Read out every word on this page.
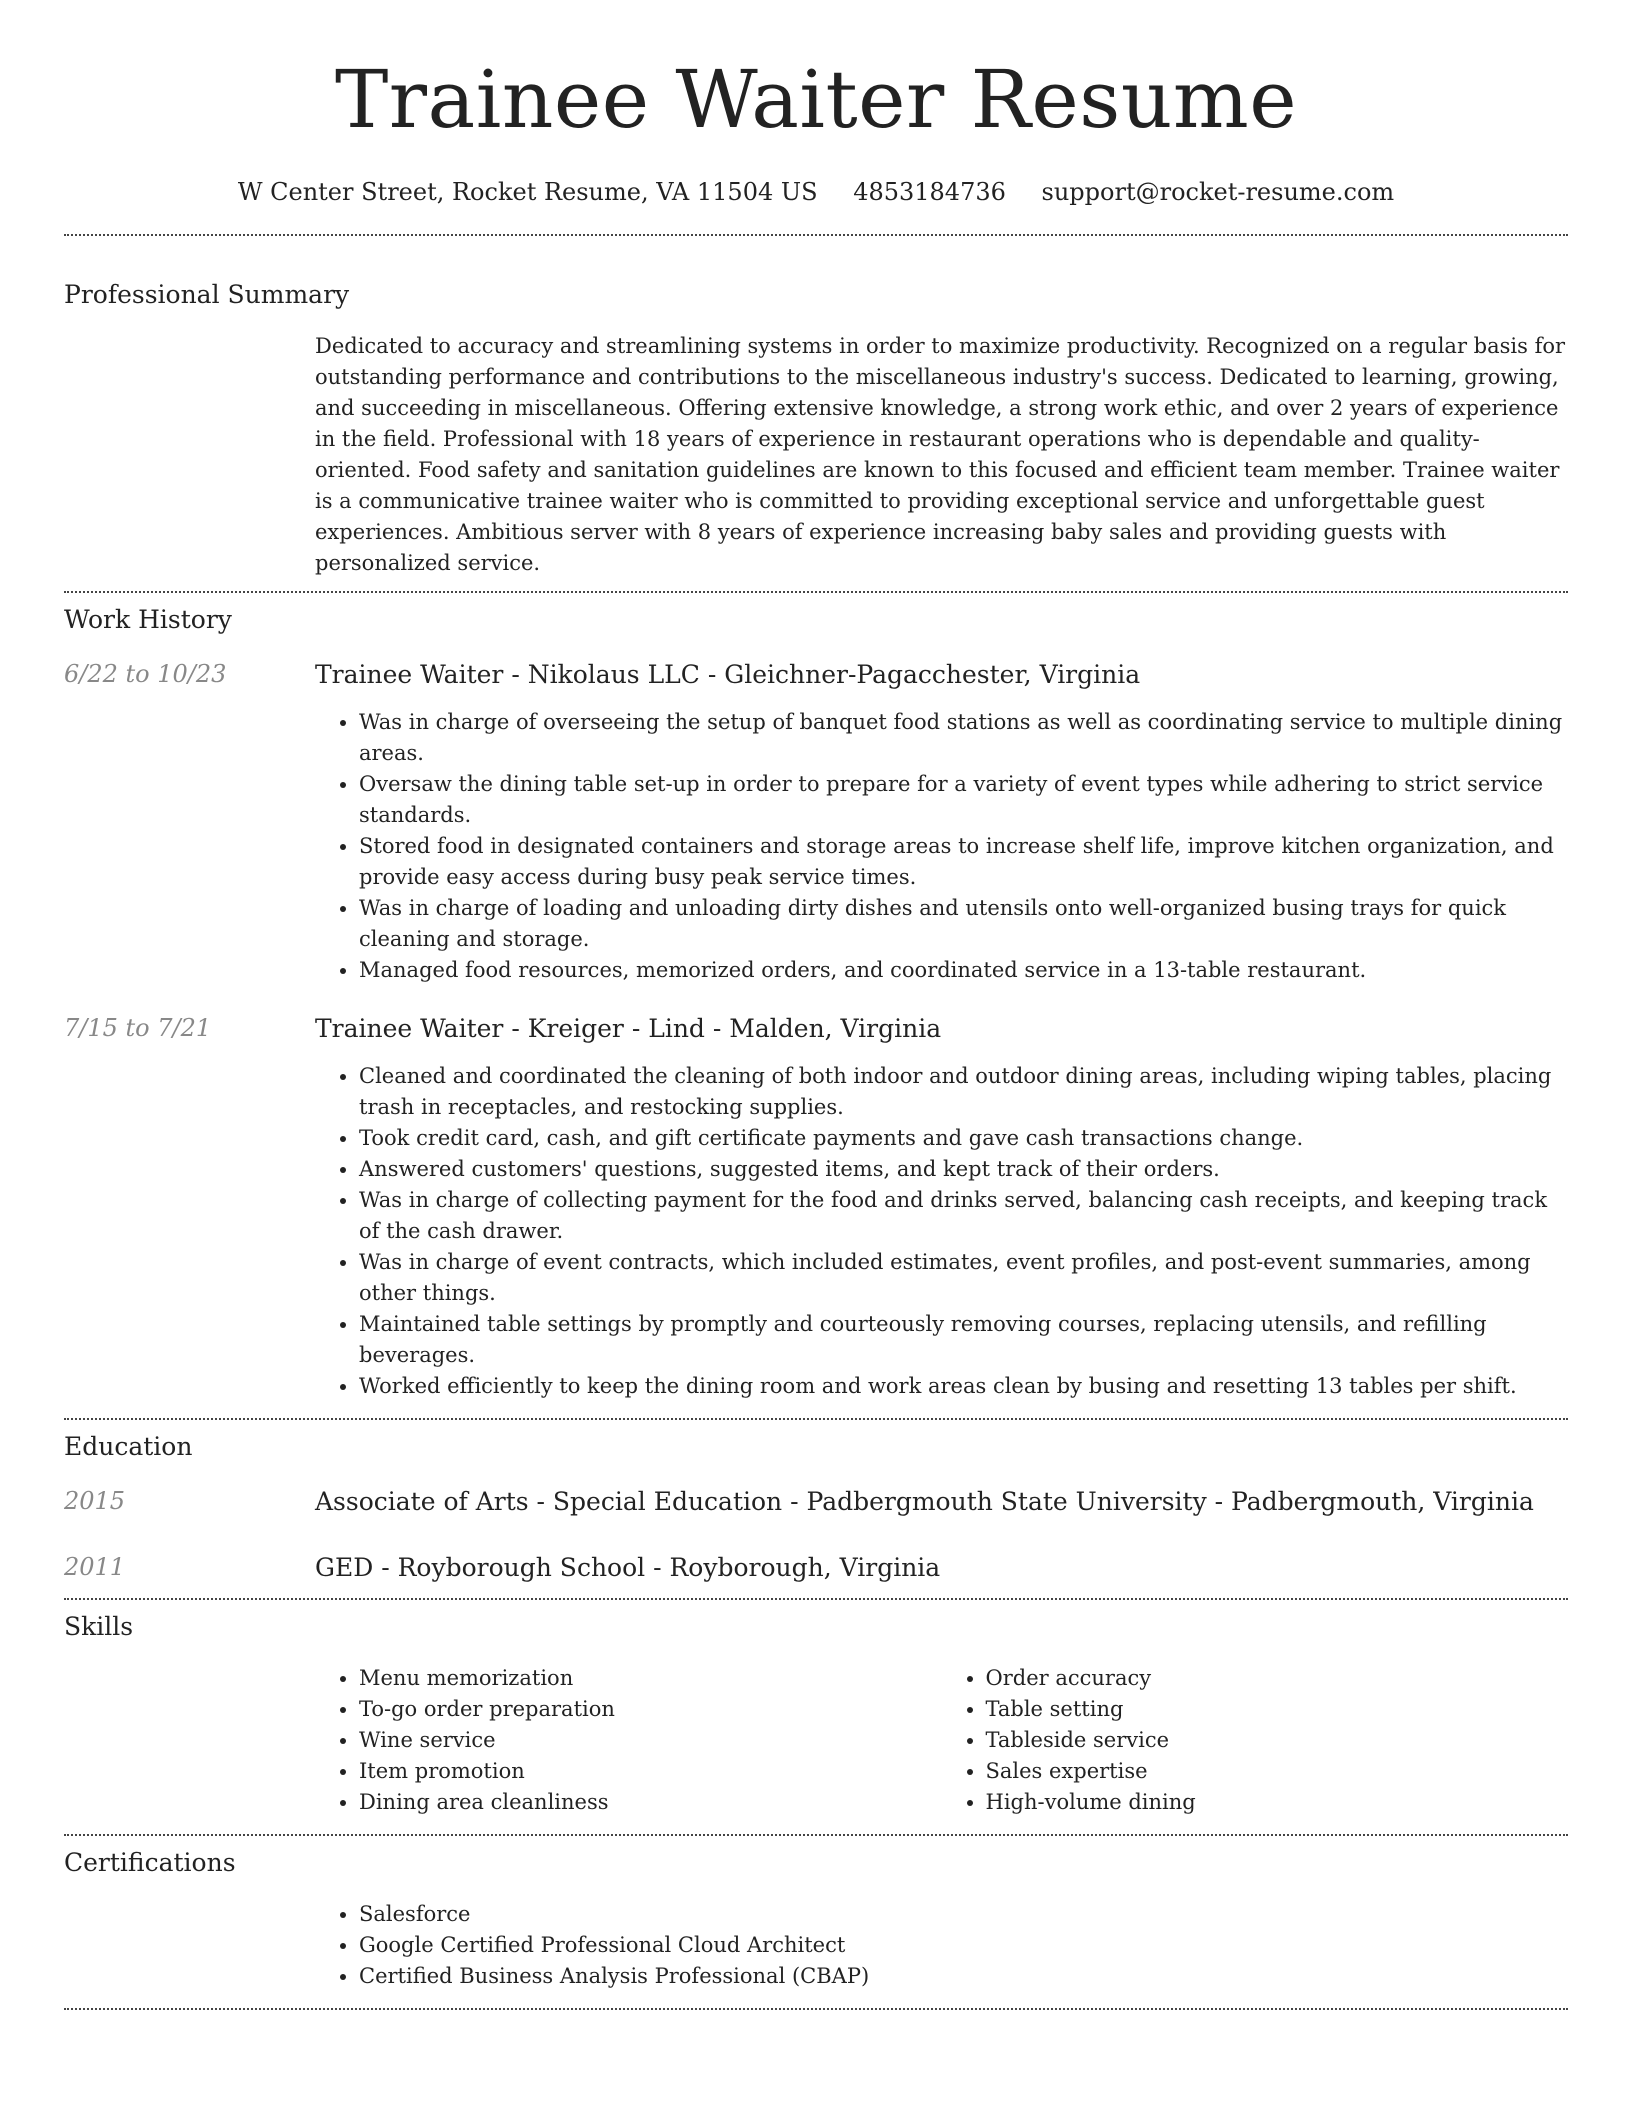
Trainee Waiter Resume
W Center Street, Rocket Resume, VA 11504 US 4853184736 support@rocket-resume.com
Professional Summary

Dedicated to accuracy and streamlining systems in order to maximize productivity. Recognized on a regular basis for outstanding performance and contributions to the miscellaneous industry's success. Dedicated to learning, growing, and succeeding in miscellaneous. Offering extensive knowledge, a strong work ethic, and over 2 years of experience in the field. Professional with 18 years of experience in restaurant operations who is dependable and quality-oriented. Food safety and sanitation guidelines are known to this focused and efficient team member. Trainee waiter is a communicative trainee waiter who is committed to providing exceptional service and unforgettable guest experiences. Ambitious server with 8 years of experience increasing baby sales and providing guests with personalized service.

Work History
6/22 to 10/23	Trainee Waiter - Nikolaus LLC - Gleichner-Pagacchester, Virginia
• Was in charge of overseeing the setup of banquet food stations as well as coordinating service to multiple dining areas.
• Oversaw the dining table set-up in order to prepare for a variety of event types while adhering to strict service standards.
• Stored food in designated containers and storage areas to increase shelf life, improve kitchen organization, and provide easy access during busy peak service times.
• Was in charge of loading and unloading dirty dishes and utensils onto well-organized busing trays for quick cleaning and storage.
• Managed food resources, memorized orders, and coordinated service in a 13-table restaurant.
7/15 to 7/21	Trainee Waiter - Kreiger - Lind - Malden, Virginia
• Cleaned and coordinated the cleaning of both indoor and outdoor dining areas, including wiping tables, placing trash in receptacles, and restocking supplies.
• Took credit card, cash, and gift certificate payments and gave cash transactions change.
• Answered customers' questions, suggested items, and kept track of their orders.
• Was in charge of collecting payment for the food and drinks served, balancing cash receipts, and keeping track of the cash drawer.
• Was in charge of event contracts, which included estimates, event profiles, and post-event summaries, among other things.
• Maintained table settings by promptly and courteously removing courses, replacing utensils, and refilling beverages.
• Worked efficiently to keep the dining room and work areas clean by busing and resetting 13 tables per shift.
Education
2015	Associate of Arts - Special Education - Padbergmouth State University - Padbergmouth, Virginia
2011	GED - Royborough School - Royborough, Virginia
Skills
• Menu memorization
• To-go order preparation
• Wine service
• Item promotion
• Dining area cleanliness
• Order accuracy
• Table setting
• Tableside service
• Sales expertise
• High-volume dining
Certifications
• Salesforce
• Google Certified Professional Cloud Architect
• Certified Business Analysis Professional (CBAP)
